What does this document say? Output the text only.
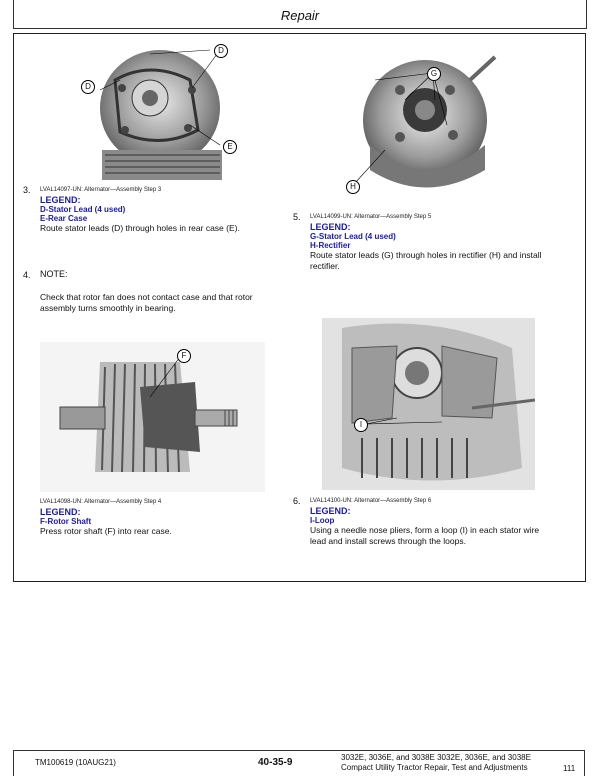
Repair
D
D
E
3. LVAL14097-UN: Alternator—Assembly Step 3
LEGEND:
D-Stator Lead (4 used)
E-Rear Case
Route stator leads (D) through holes in rear case (E).
G
H
5. LVAL14099-UN: Alternator—Assembly Step 5
LEGEND:
G-Stator Lead (4 used)
H-Rectifier
Route stator leads (G) through holes in rectifier (H) and install
rectifier.
4. NOTE:
Check that rotor fan does not contact case and that rotor
assembly turns smoothly in bearing.
F
LVAL14098-UN: Alternator—Assembly Step 4
LEGEND:
F-Rotor Shaft
Press rotor shaft (F) into rear case.
I
6. LVAL14100-UN: Alternator—Assembly Step 6
LEGEND:
I-Loop
Using a needle nose pliers, form a loop (I) in each stator wire
lead and install screws through the loops.
TM100619 (10AUG21)	40-35-9	3032E, 3036E, and 3038E 3032E, 3036E, and 3038E
Compact Utility Tractor Repair, Test and Adjustments	111
